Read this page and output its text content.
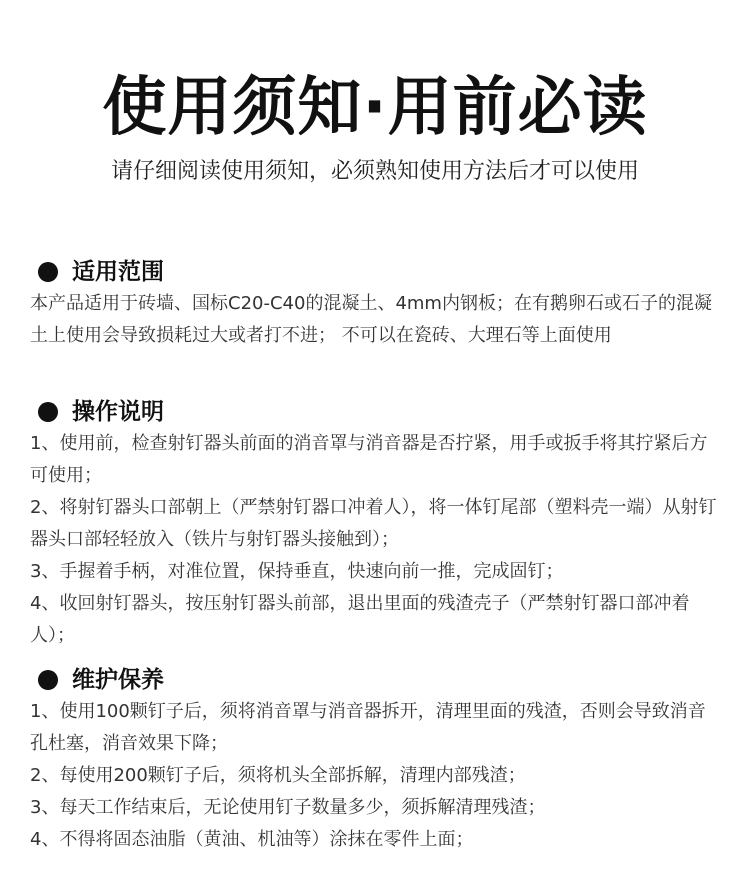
使用须知·用前必读
请仔细阅读使用须知，必须熟知使用方法后才可以使用
适用范围

本产品适用于砖墙、国标C20-C40的混凝土、4mm内钢板；在有鹅卵石或石子的混凝土上使用会导致损耗过大或者打不进； 不可以在瓷砖、大理石等上面使用

操作说明
1、使用前，检查射钉器头前面的消音罩与消音器是否拧紧，用手或扳手将其拧紧后方可使用；
2、将射钉器头口部朝上（严禁射钉器口冲着人），将一体钉尾部（塑料壳一端）从射钉器头口部轻轻放入（铁片与射钉器头接触到）；
3、手握着手柄，对准位置，保持垂直，快速向前一推，完成固钉；
4、收回射钉器头，按压射钉器头前部，退出里面的残渣壳子（严禁射钉器口部冲着人）；
维护保养
1、使用100颗钉子后，须将消音罩与消音器拆开，清理里面的残渣，否则会导致消音孔杜塞，消音效果下降；
2、每使用200颗钉子后，须将机头全部拆解，清理内部残渣；
3、每天工作结束后，无论使用钉子数量多少，须拆解清理残渣；
4、不得将固态油脂（黄油、机油等）涂抹在零件上面；
